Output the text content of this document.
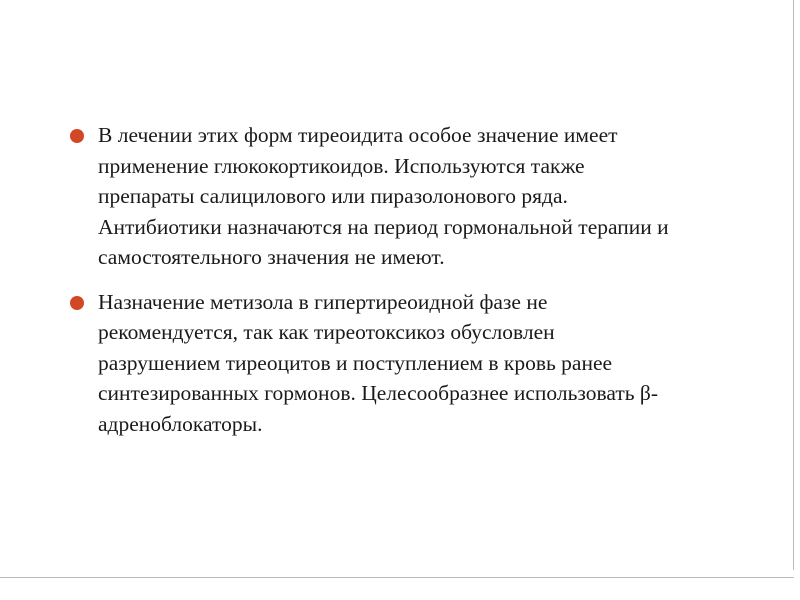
В лечении этих форм тиреоидита особое значение имеет применение глюкокортикоидов. Используются также препараты салицилового или пиразолонового ряда. Антибиотики назначаются на период гормональной терапии и самостоятельного значения не имеют.
Назначение метизола в гипертиреоидной фазе не рекомендуется, так как тиреотоксикоз обусловлен разрушением тиреоцитов и поступлением в кровь ранее синтезированных гормонов. Целесообразнее использовать β-адреноблокаторы.
